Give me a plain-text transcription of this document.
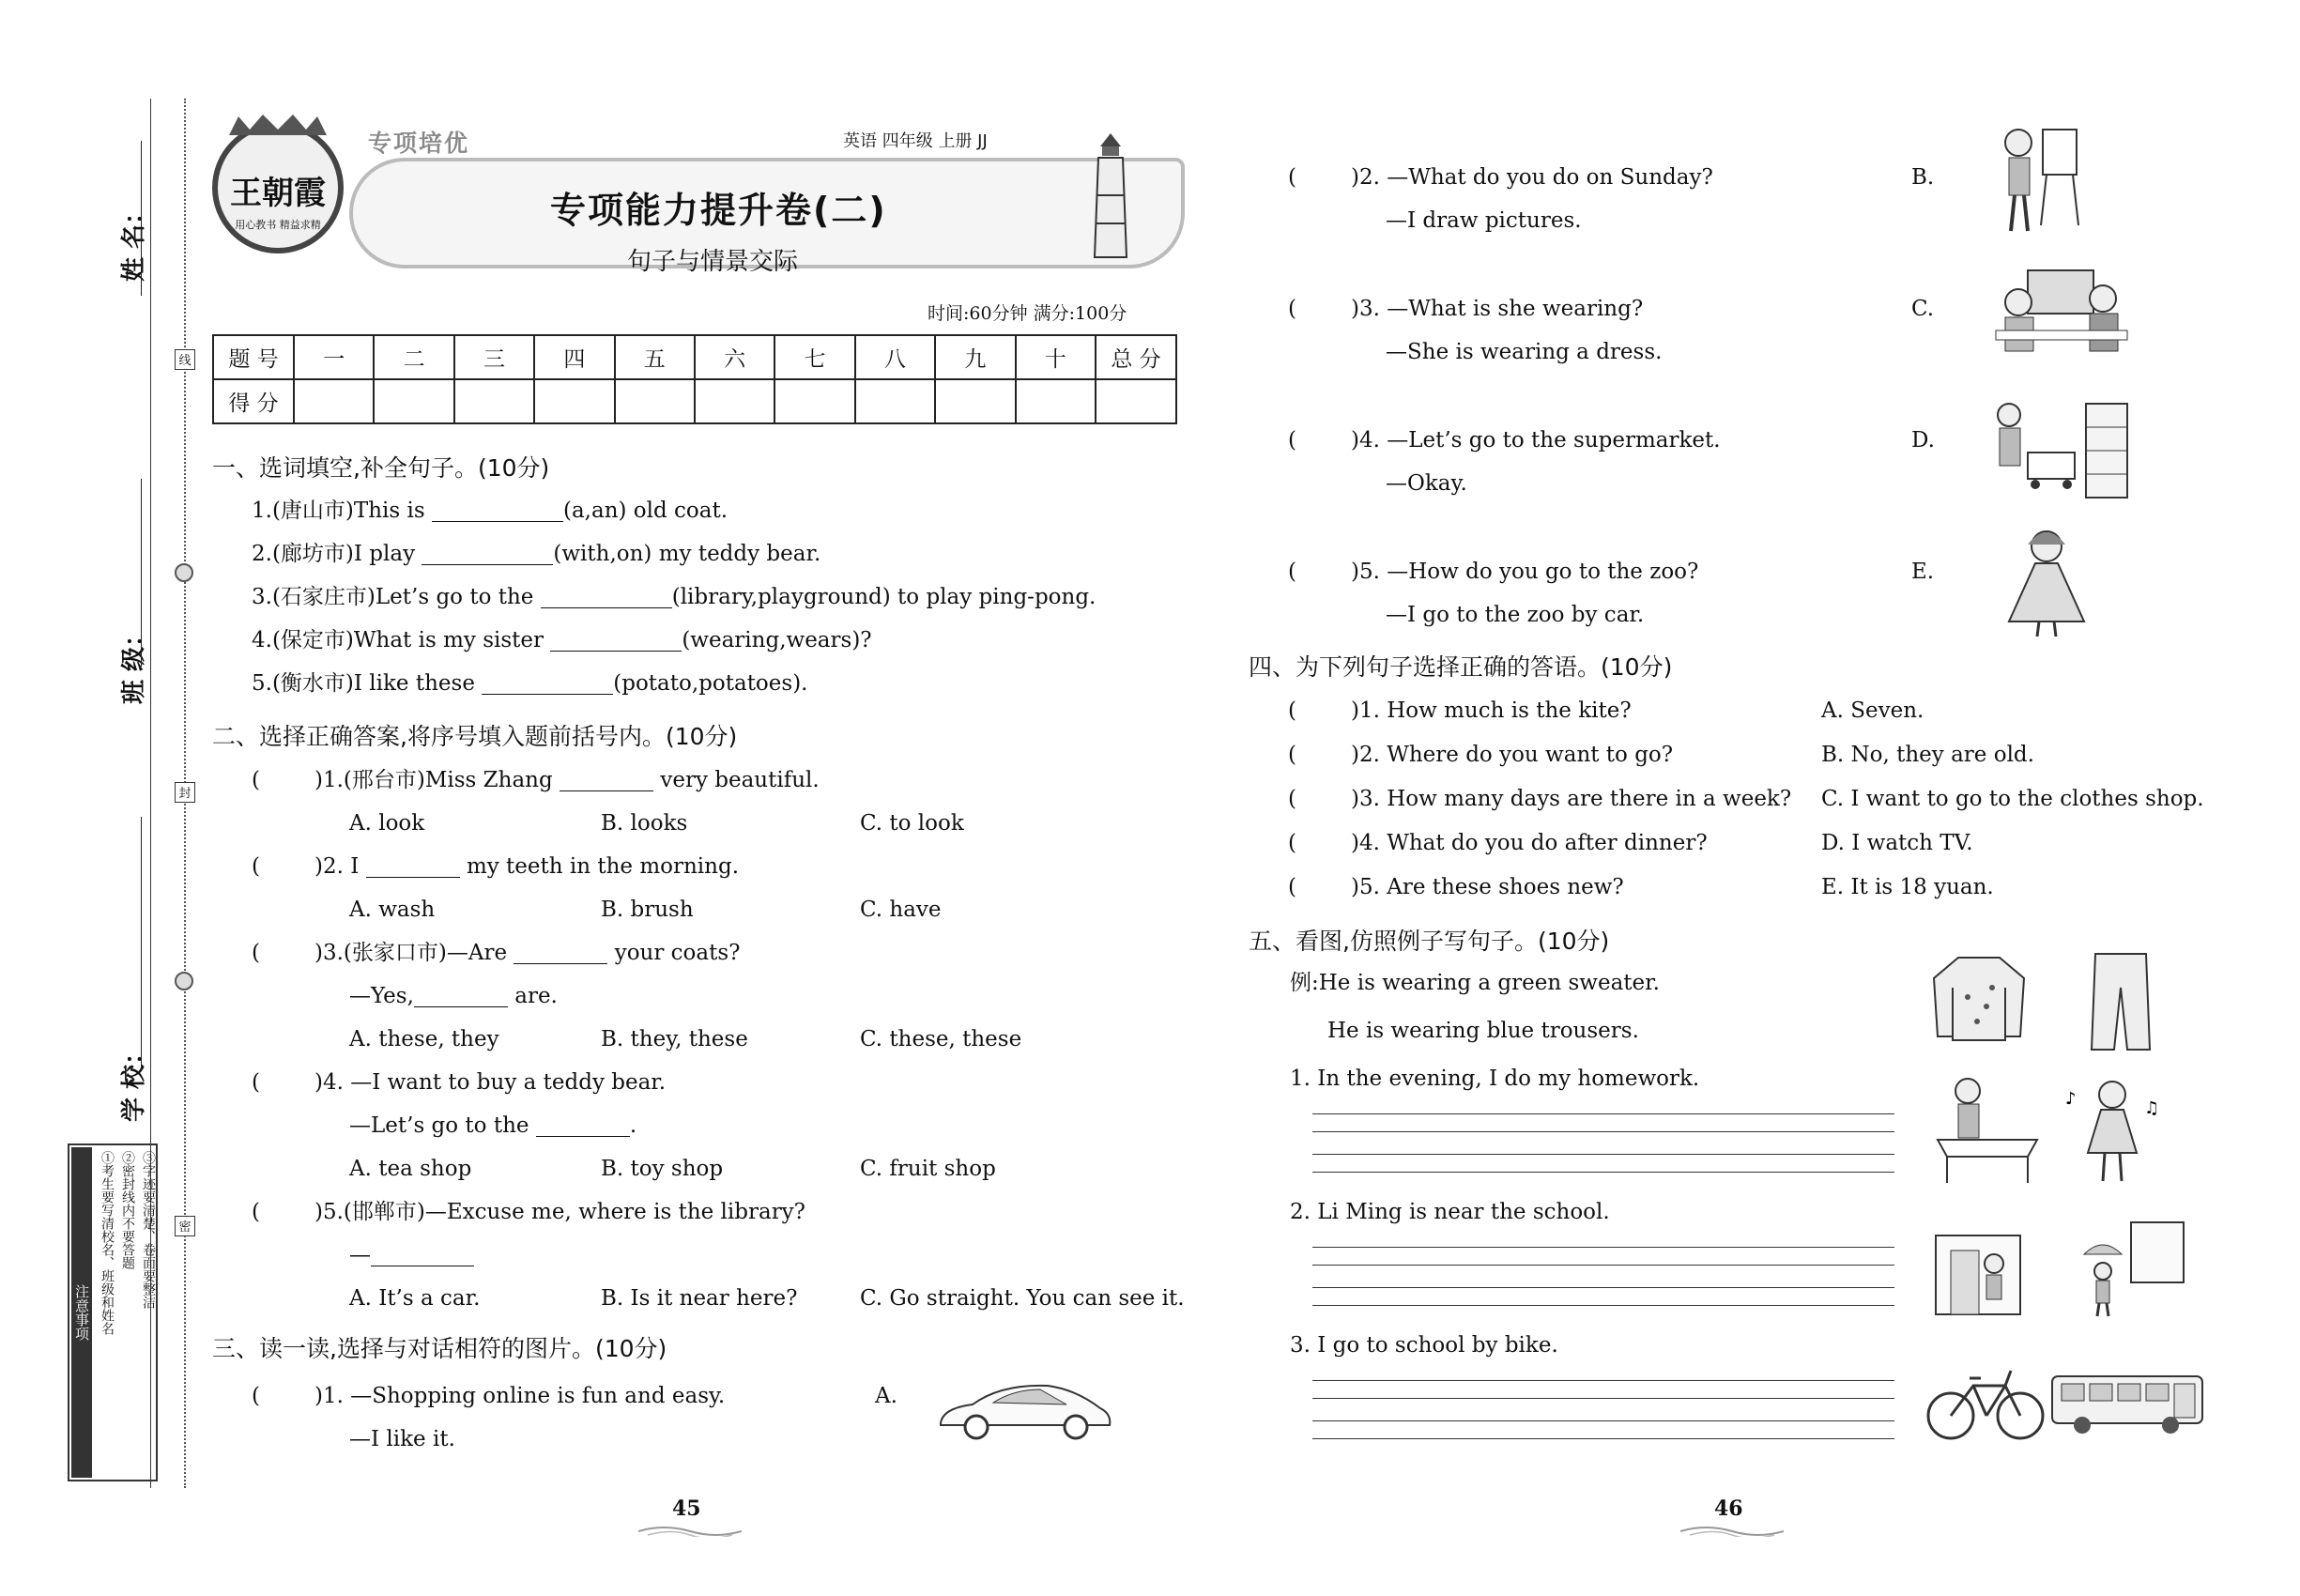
姓 名：
班 级：
学 校：
线
封
密
注意事项 ①考生要写清校名、班级和姓名 ②密封线内不要答题 ③字迹要清楚、卷面要整洁
王朝霞
用心教书 精益求精
专项培优	英语 四年级 上册 JJ
专项能力提升卷(二)
句子与情景交际
时间:60分钟 满分:100分
题 号	一	二	三	四	五	六	七	八	九	十	总 分
得 分											
一、选词填空,补全句子。(10分)
1.(唐山市)This is	(a,an) old coat.
2.(廊坊市)I play	(with,on) my teddy bear.
3.(石家庄市)Let’s go to the	(library,playground) to play ping-pong.
4.(保定市)What is my sister	(wearing,wears)?
5.(衡水市)I like these	(potato,potatoes).
二、选择正确答案,将序号填入题前括号内。(10分)
(	)1.(邢台市)Miss Zhang	very beautiful.
A. look	B. looks	C. to look
(	)2. I	my teeth in the morning.
A. wash	B. brush	C. have
(	)3.(张家口市)—Are	your coats?
—Yes,	are.
A. these, they	B. they, these	C. these, these
(	)4. —I want to buy a teddy bear.
—Let’s go to the	.
A. tea shop	B. toy shop	C. fruit shop
(	)5.(邯郸市)—Excuse me, where is the library?
—
A. It’s a car.	B. Is it near here?	C. Go straight. You can see it.
三、读一读,选择与对话相符的图片。(10分)
(	)1. —Shopping online is fun and easy.
—I like it.
A.
45
(	)2. —What do you do on Sunday?
—I draw pictures.
B.
(	)3. —What is she wearing?
—She is wearing a dress.
C.
(	)4. —Let’s go to the supermarket.
—Okay.
D.
(	)5. —How do you go to the zoo?
—I go to the zoo by car.
E.
四、为下列句子选择正确的答语。(10分)
(	)1. How much is the kite?	A. Seven.
(	)2. Where do you want to go?	B. No, they are old.
(	)3. How many days are there in a week? C. I want to go to the clothes shop.
(	)4. What do you do after dinner?	D. I watch TV.
(	)5. Are these shoes new?	E. It is 18 yuan.
五、看图,仿照例子写句子。(10分)
例:He is wearing a green sweater.
He is wearing blue trousers.
1. In the evening, I do my homework.
♪	♫
2. Li Ming is near the school.
3. I go to school by bike.
46
